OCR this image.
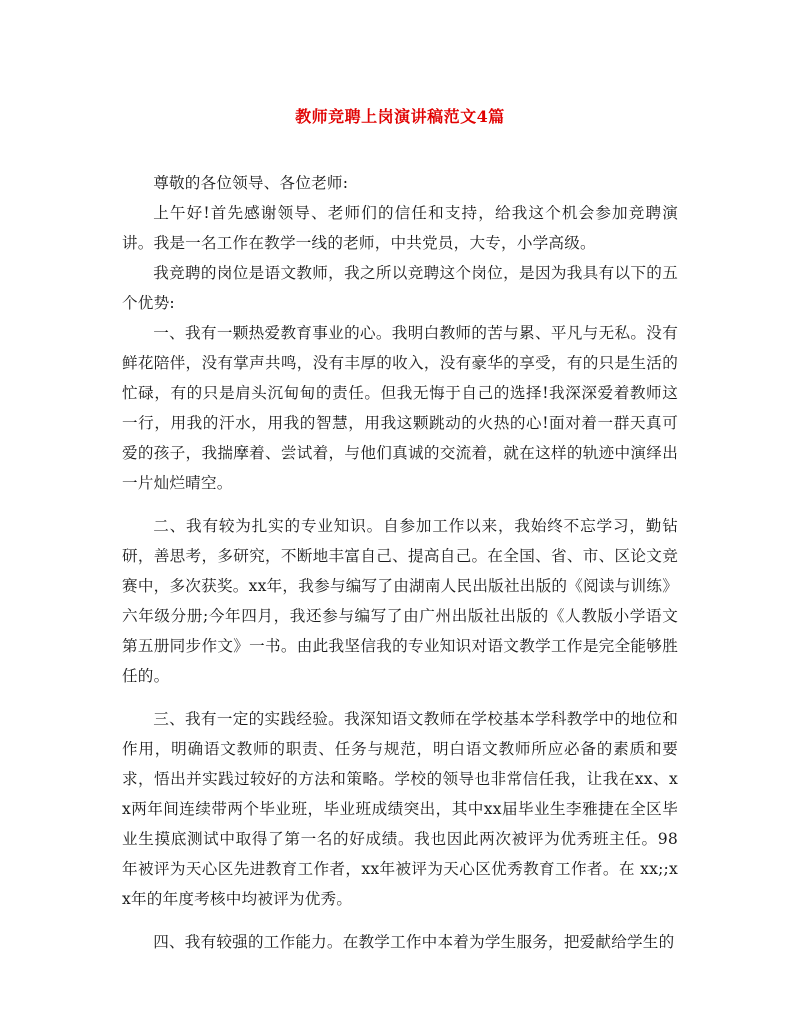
教师竞聘上岗演讲稿范文4篇

尊敬的各位领导、各位老师:

上午好!首先感谢领导、老师们的信任和支持，给我这个机会参加竞聘演讲。我是一名工作在教学一线的老师，中共党员，大专，小学高级。

我竞聘的岗位是语文教师，我之所以竞聘这个岗位，是因为我具有以下的五个优势:

一、我有一颗热爱教育事业的心。我明白教师的苦与累、平凡与无私。没有鲜花陪伴，没有掌声共鸣，没有丰厚的收入，没有豪华的享受，有的只是生活的忙碌，有的只是肩头沉甸甸的责任。但我无悔于自己的选择!我深深爱着教师这一行，用我的汗水，用我的智慧，用我这颗跳动的火热的心!面对着一群天真可爱的孩子，我揣摩着、尝试着，与他们真诚的交流着，就在这样的轨迹中演绎出一片灿烂晴空。

二、我有较为扎实的专业知识。自参加工作以来，我始终不忘学习，勤钻研，善思考，多研究，不断地丰富自己、提高自己。在全国、省、市、区论文竞赛中，多次获奖。xx年，我参与编写了由湖南人民出版社出版的《阅读与训练》六年级分册;今年四月，我还参与编写了由广州出版社出版的《人教版小学语文第五册同步作文》一书。由此我坚信我的专业知识对语文教学工作是完全能够胜任的。

三、我有一定的实践经验。我深知语文教师在学校基本学科教学中的地位和作用，明确语文教师的职责、任务与规范，明白语文教师所应必备的素质和要求，悟出并实践过较好的方法和策略。学校的领导也非常信任我，让我在xx、xx两年间连续带两个毕业班，毕业班成绩突出，其中xx届毕业生李雅捷在全区毕业生摸底测试中取得了第一名的好成绩。我也因此两次被评为优秀班主任。98年被评为天心区先进教育工作者，xx年被评为天心区优秀教育工作者。在 xx;;xx年的年度考核中均被评为优秀。

四、我有较强的工作能力。在教学工作中本着为学生服务，把爱献给学生的
